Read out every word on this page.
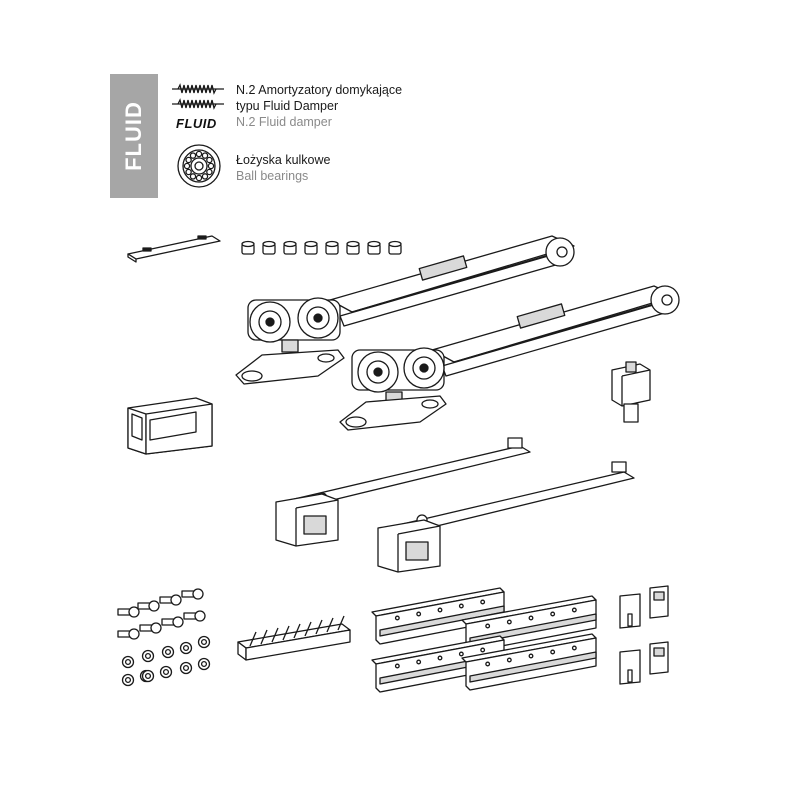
FLUID FLUID
N.2 Amortyzatory domykające
typu Fluid Damper
N.2 Fluid damper
Łożyska kulkowe
Ball bearings
